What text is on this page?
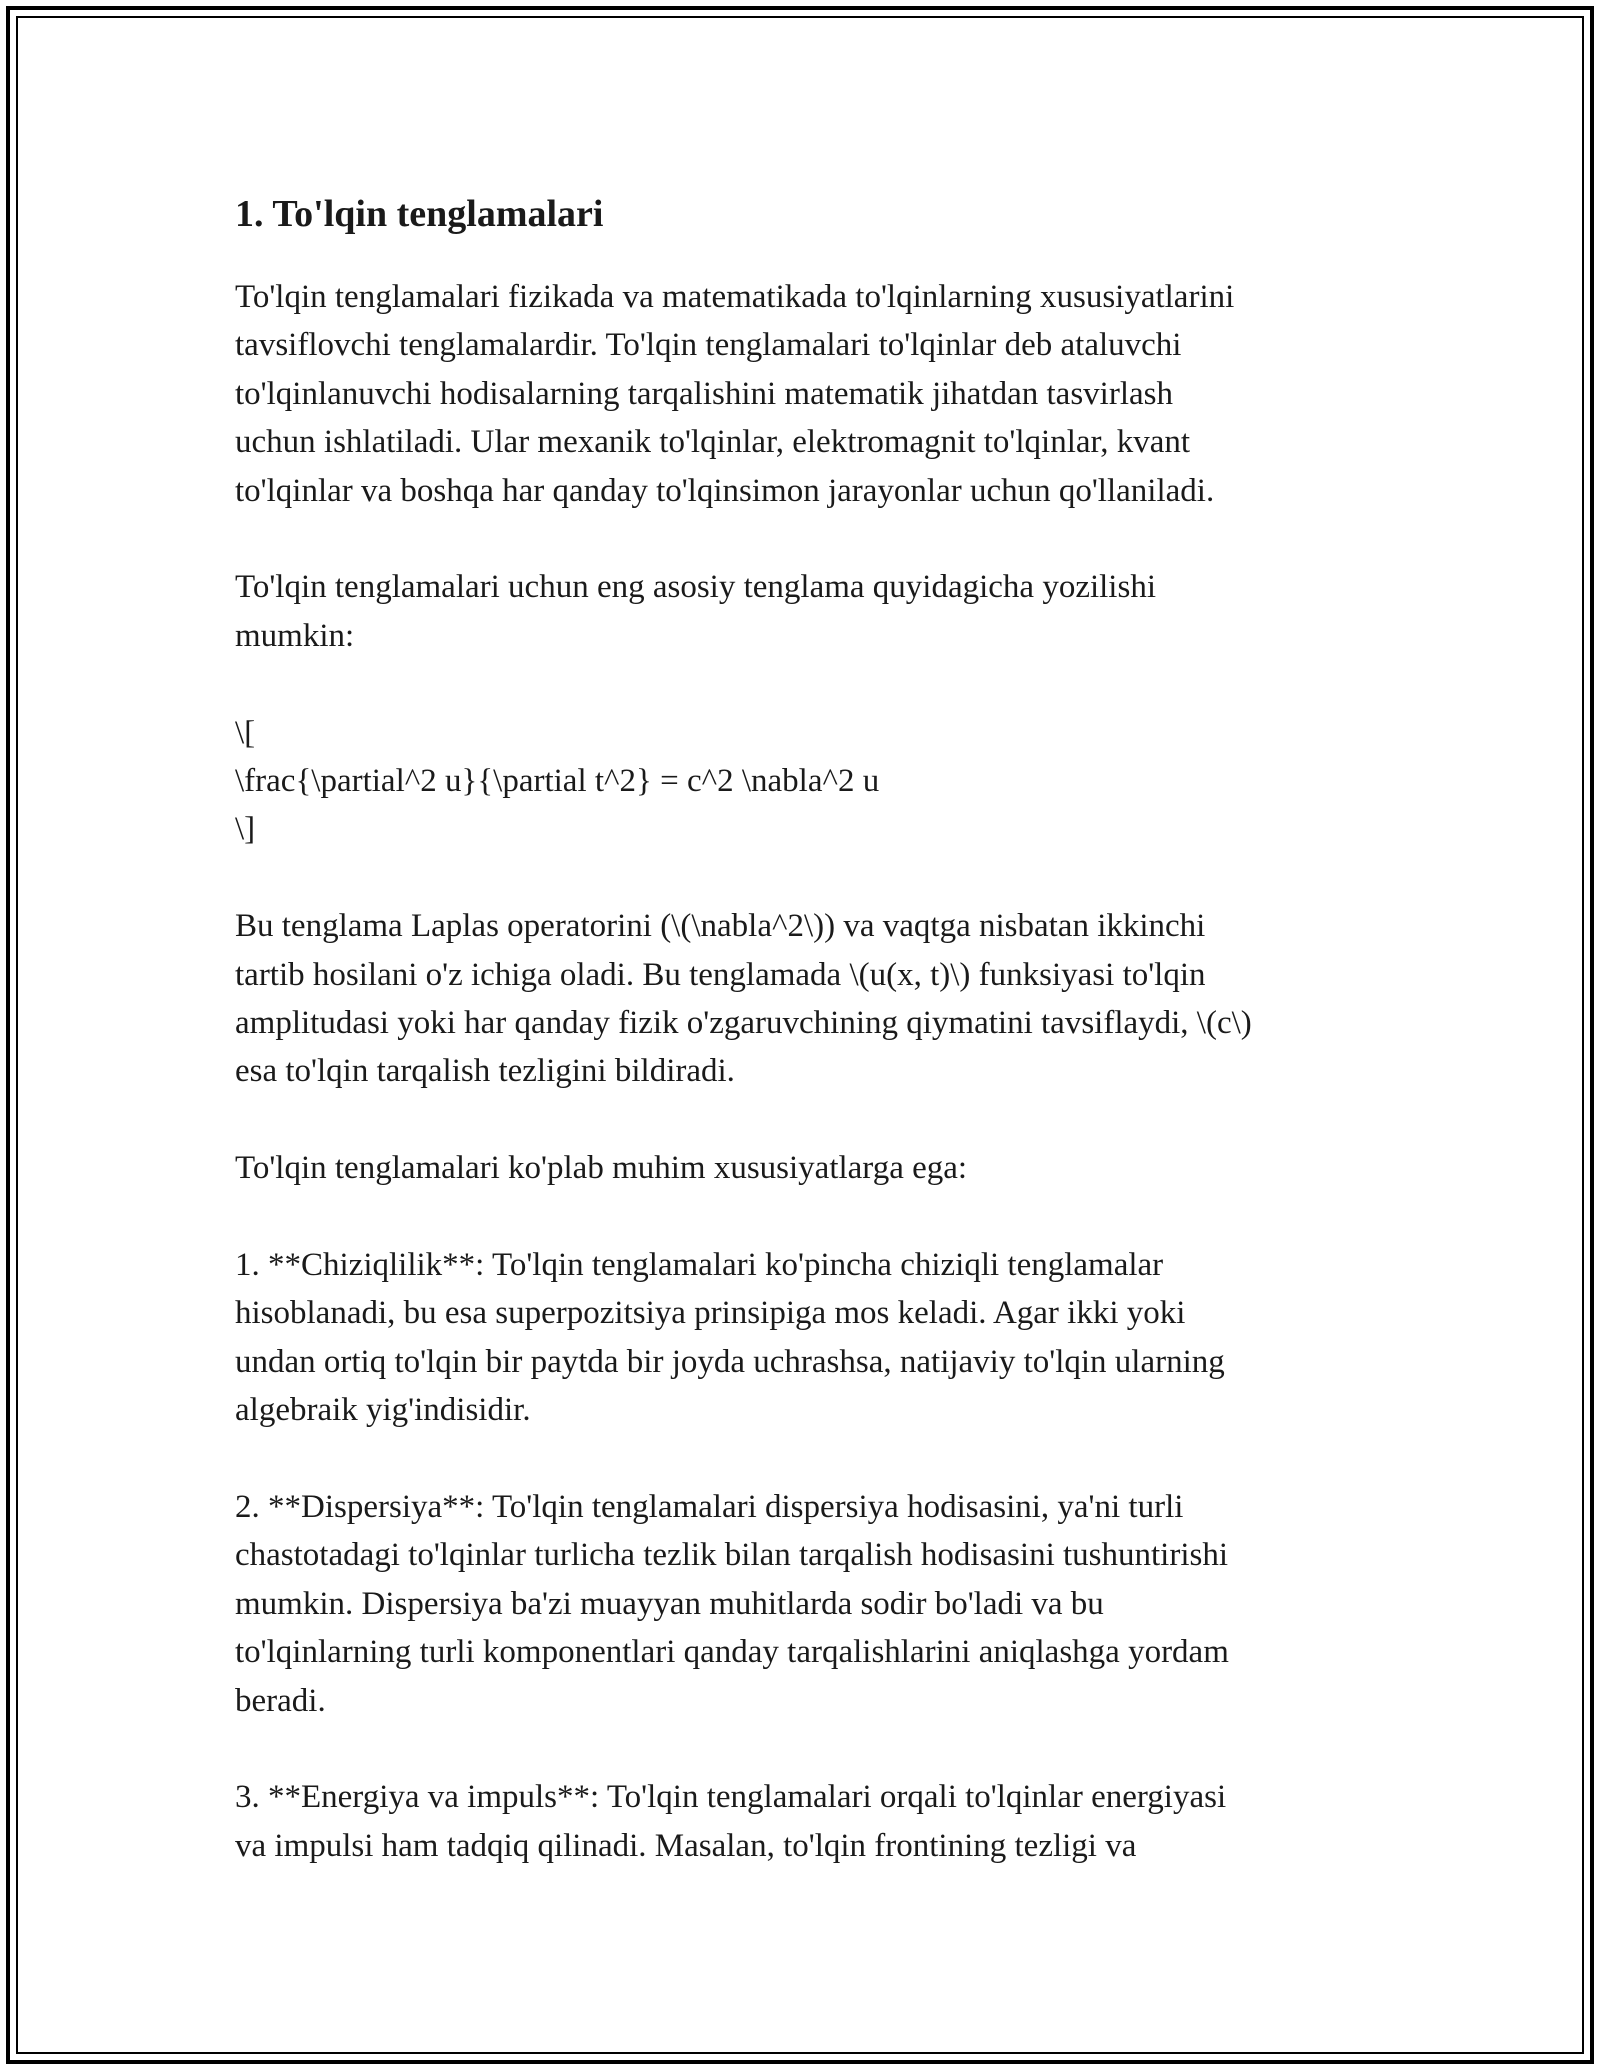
1. To'lqin tenglamalari

To'lqin tenglamalari fizikada va matematikada to'lqinlarning xususiyatlarini
tavsiflovchi tenglamalardir. To'lqin tenglamalari to'lqinlar deb ataluvchi
to'lqinlanuvchi hodisalarning tarqalishini matematik jihatdan tasvirlash
uchun ishlatiladi. Ular mexanik to'lqinlar, elektromagnit to'lqinlar, kvant
to'lqinlar va boshqa har qanday to'lqinsimon jarayonlar uchun qo'llaniladi.

To'lqin tenglamalari uchun eng asosiy tenglama quyidagicha yozilishi
mumkin:

\[
\frac{\partial^2 u}{\partial t^2} = c^2 \nabla^2 u
\]

Bu tenglama Laplas operatorini (\(\nabla^2\)) va vaqtga nisbatan ikkinchi
tartib hosilani o'z ichiga oladi. Bu tenglamada \(u(x, t)\) funksiyasi to'lqin
amplitudasi yoki har qanday fizik o'zgaruvchining qiymatini tavsiflaydi, \(c\)
esa to'lqin tarqalish tezligini bildiradi.

To'lqin tenglamalari ko'plab muhim xususiyatlarga ega:

1. **Chiziqlilik**: To'lqin tenglamalari ko'pincha chiziqli tenglamalar
hisoblanadi, bu esa superpozitsiya prinsipiga mos keladi. Agar ikki yoki
undan ortiq to'lqin bir paytda bir joyda uchrashsa, natijaviy to'lqin ularning
algebraik yig'indisidir.

2. **Dispersiya**: To'lqin tenglamalari dispersiya hodisasini, ya'ni turli
chastotadagi to'lqinlar turlicha tezlik bilan tarqalish hodisasini tushuntirishi
mumkin. Dispersiya ba'zi muayyan muhitlarda sodir bo'ladi va bu
to'lqinlarning turli komponentlari qanday tarqalishlarini aniqlashga yordam
beradi.

3. **Energiya va impuls**: To'lqin tenglamalari orqali to'lqinlar energiyasi
va impulsi ham tadqiq qilinadi. Masalan, to'lqin frontining tezligi va
